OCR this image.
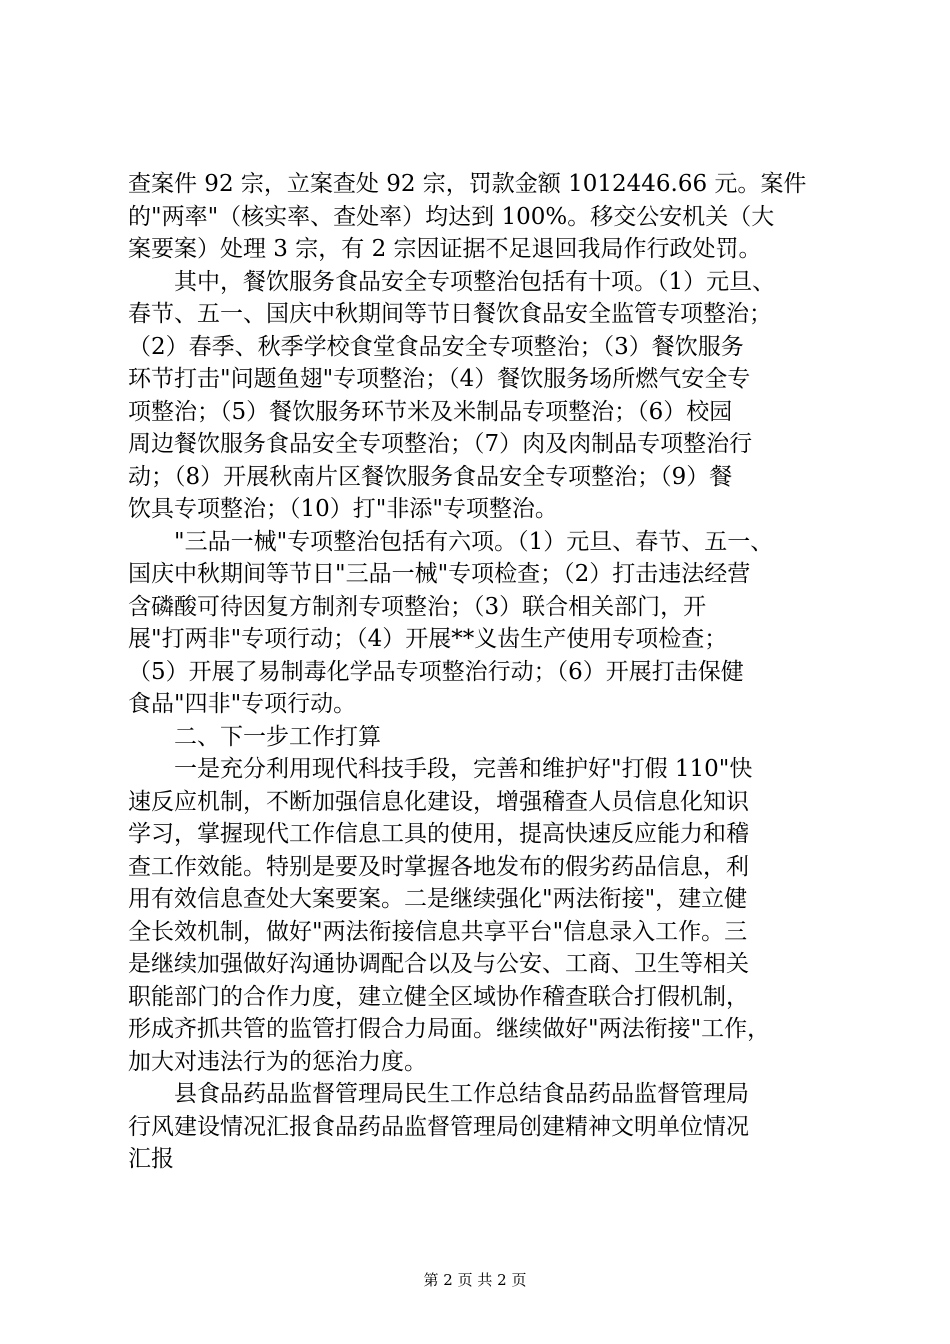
查案件 92 宗，立案查处 92 宗，罚款金额 1012446.66 元。案件
的"两率"（核实率、查处率）均达到 100%。移交公安机关（大
案要案）处理 3 宗，有 2 宗因证据不足退回我局作行政处罚。
其中，餐饮服务食品安全专项整治包括有十项。（1）元旦、
春节、五一、国庆中秋期间等节日餐饮食品安全监管专项整治；
（2）春季、秋季学校食堂食品安全专项整治；（3）餐饮服务
环节打击"问题鱼翅"专项整治；（4）餐饮服务场所燃气安全专
项整治；（5）餐饮服务环节米及米制品专项整治；（6）校园
周边餐饮服务食品安全专项整治；（7）肉及肉制品专项整治行
动；（8）开展秋南片区餐饮服务食品安全专项整治；（9）餐
饮具专项整治；（10）打"非添"专项整治。
"三品一械"专项整治包括有六项。（1）元旦、春节、五一、
国庆中秋期间等节日"三品一械"专项检查；（2）打击违法经营
含磷酸可待因复方制剂专项整治；（3）联合相关部门，开
展"打两非"专项行动；（4）开展**义齿生产使用专项检查；
（5）开展了易制毒化学品专项整治行动；（6）开展打击保健
食品"四非"专项行动。
二、下一步工作打算
一是充分利用现代科技手段，完善和维护好"打假 110"快
速反应机制，不断加强信息化建设，增强稽查人员信息化知识
学习，掌握现代工作信息工具的使用，提高快速反应能力和稽
查工作效能。特别是要及时掌握各地发布的假劣药品信息，利
用有效信息查处大案要案。二是继续强化"两法衔接"，建立健
全长效机制，做好"两法衔接信息共享平台"信息录入工作。三
是继续加强做好沟通协调配合以及与公安、工商、卫生等相关
职能部门的合作力度，建立健全区域协作稽查联合打假机制，
形成齐抓共管的监管打假合力局面。继续做好"两法衔接"工作，
加大对违法行为的惩治力度。
县食品药品监督管理局民生工作总结食品药品监督管理局
行风建设情况汇报食品药品监督管理局创建精神文明单位情况
汇报
第 2 页 共 2 页
